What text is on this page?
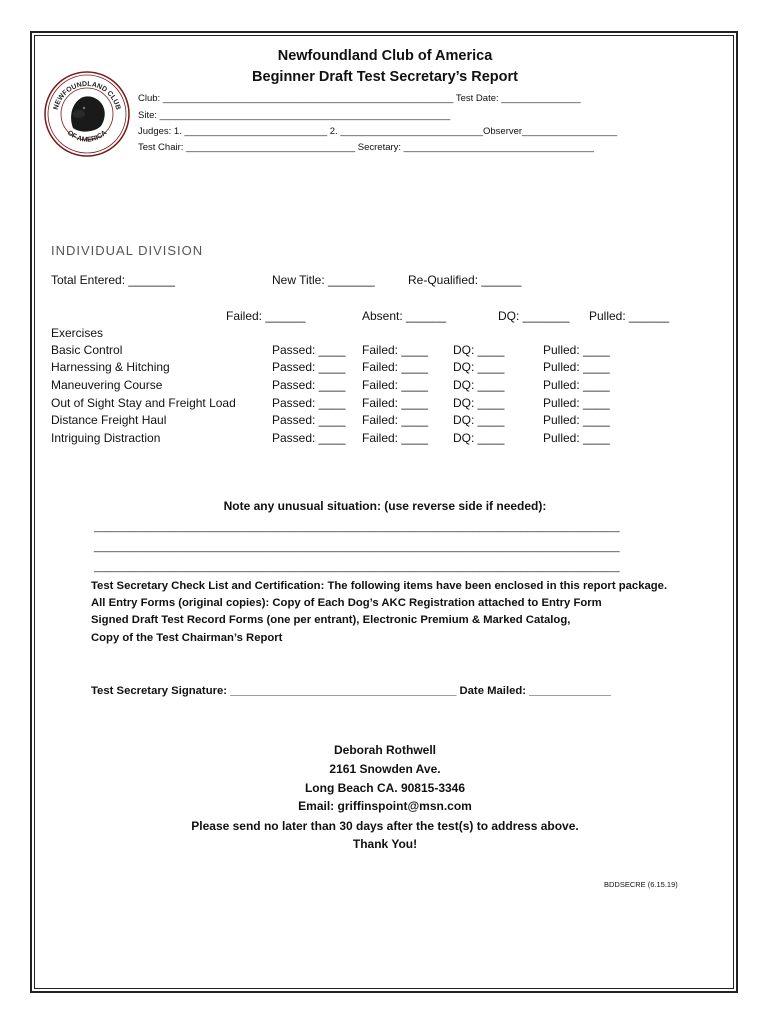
NEWFOUNDLAND CLUB
OF AMERICA
Newfoundland Club of America
Beginner Draft Test Secretary’s Report
Club: _______________________________________________________ Test Date: _______________
Site: _______________________________________________________
Judges: 1. ___________________________ 2. ___________________________Observer__________________
Test Chair: ________________________________ Secretary: ____________________________________
INDIVIDUAL DIVISION
Total Entered: _______	New Title: _______	Re-Qualified: ______
Failed: ______	Absent: ______	DQ: _______ Pulled: ______
Exercises
Basic Control	Passed: ____ Failed: ____ DQ: ____	Pulled: ____
Harnessing & Hitching	Passed: ____ Failed: ____ DQ: ____	Pulled: ____
Maneuvering Course	Passed: ____ Failed: ____ DQ: ____	Pulled: ____
Out of Sight Stay and Freight Load	Passed: ____ Failed: ____ DQ: ____	Pulled: ____
Distance Freight Haul	Passed: ____ Failed: ____ DQ: ____	Pulled: ____
Intriguing Distraction	Passed: ____ Failed: ____ DQ: ____	Pulled: ____
Note any unusual situation: (use reverse side if needed):
__________________________________________________________________________________________
__________________________________________________________________________________________
__________________________________________________________________________________________
Test Secretary Check List and Certification: The following items have been enclosed in this report package.
All Entry Forms (original copies): Copy of Each Dog’s AKC Registration attached to Entry Form
Signed Draft Test Record Forms (one per entrant), Electronic Premium & Marked Catalog,
Copy of the Test Chairman’s Report
Test Secretary Signature: ____________________________________ Date Mailed: _____________
Deborah Rothwell
2161 Snowden Ave.
Long Beach CA. 90815-3346
Email: griffinspoint@msn.com
Please send no later than 30 days after the test(s) to address above.
Thank You!
BDDSECRE (6.15.19)
